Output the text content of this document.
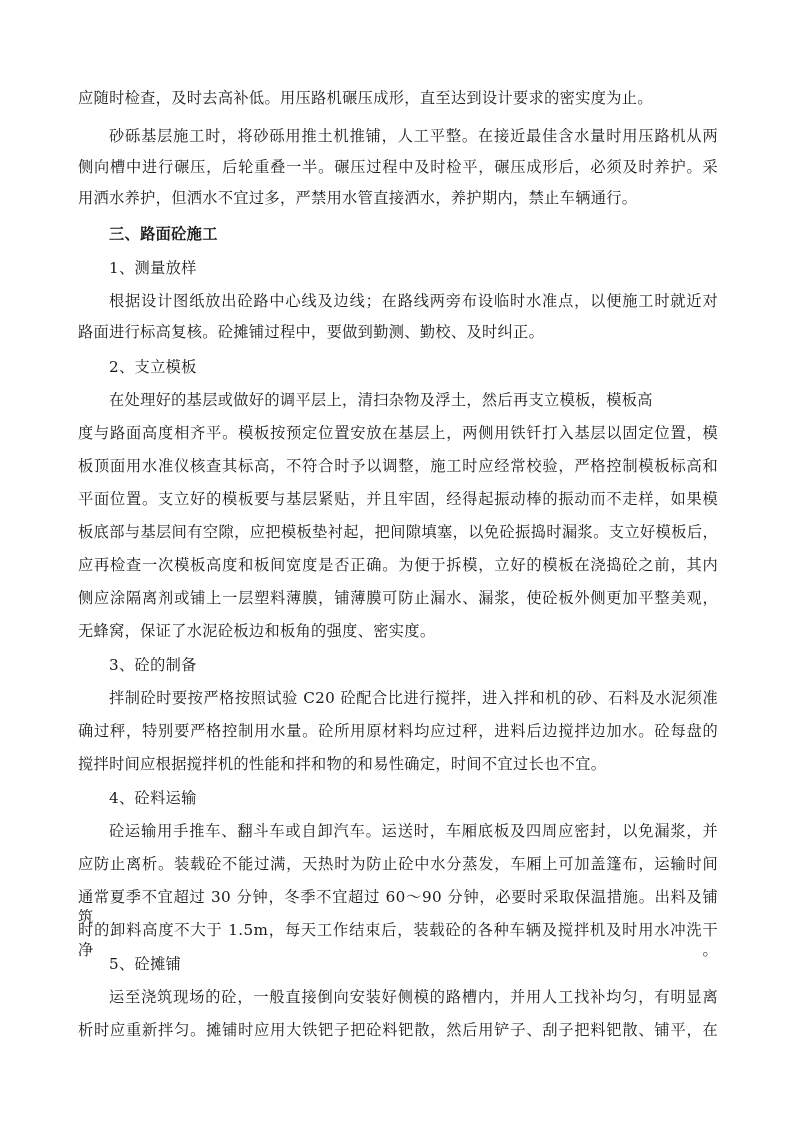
应随时检查，及时去高补低。用压路机碾压成形，直至达到设计要求的密实度为止。
砂砾基层施工时，将砂砾用推土机推铺，人工平整。在接近最佳含水量时用压路机从两
侧向槽中进行碾压，后轮重叠一半。碾压过程中及时检平，碾压成形后，必须及时养护。采
用洒水养护，但洒水不宜过多，严禁用水管直接洒水，养护期内，禁止车辆通行。
三、路面砼施工
1、测量放样
根据设计图纸放出砼路中心线及边线；在路线两旁布设临时水准点，以便施工时就近对
路面进行标高复核。砼摊铺过程中，要做到勤测、勤校、及时纠正。
2、支立模板
在处理好的基层或做好的调平层上，清扫杂物及浮土，然后再支立模板，模板高
度与路面高度相齐平。模板按预定位置安放在基层上，两侧用铁钎打入基层以固定位置，模
板顶面用水准仪核查其标高，不符合时予以调整，施工时应经常校验，严格控制模板标高和
平面位置。支立好的模板要与基层紧贴，并且牢固，经得起振动棒的振动而不走样，如果模
板底部与基层间有空隙，应把模板垫衬起，把间隙填塞，以免砼振捣时漏浆。支立好模板后，
应再检查一次模板高度和板间宽度是否正确。为便于拆模，立好的模板在浇捣砼之前，其内
侧应涂隔离剂或铺上一层塑料薄膜，铺薄膜可防止漏水、漏浆，使砼板外侧更加平整美观，
无蜂窝，保证了水泥砼板边和板角的强度、密实度。
3、砼的制备
拌制砼时要按严格按照试验 C20 砼配合比进行搅拌，进入拌和机的砂、石料及水泥须准
确过秤，特别要严格控制用水量。砼所用原材料均应过秤，进料后边搅拌边加水。砼每盘的
搅拌时间应根据搅拌机的性能和拌和物的和易性确定，时间不宜过长也不宜。
4、砼料运输
砼运输用手推车、翻斗车或自卸汽车。运送时，车厢底板及四周应密封，以免漏浆，并
应防止离析。装载砼不能过满，天热时为防止砼中水分蒸发，车厢上可加盖篷布，运输时间
通常夏季不宜超过 30 分钟，冬季不宜超过 60～90 分钟，必要时采取保温措施。出料及铺筑
时的卸料高度不大于 1.5m，每天工作结束后，装载砼的各种车辆及搅拌机及时用水冲洗干净。
5、砼摊铺
运至浇筑现场的砼，一般直接倒向安装好侧模的路槽内，并用人工找补均匀，有明显离
析时应重新拌匀。摊铺时应用大铁钯子把砼料钯散，然后用铲子、刮子把料钯散、铺平，在
